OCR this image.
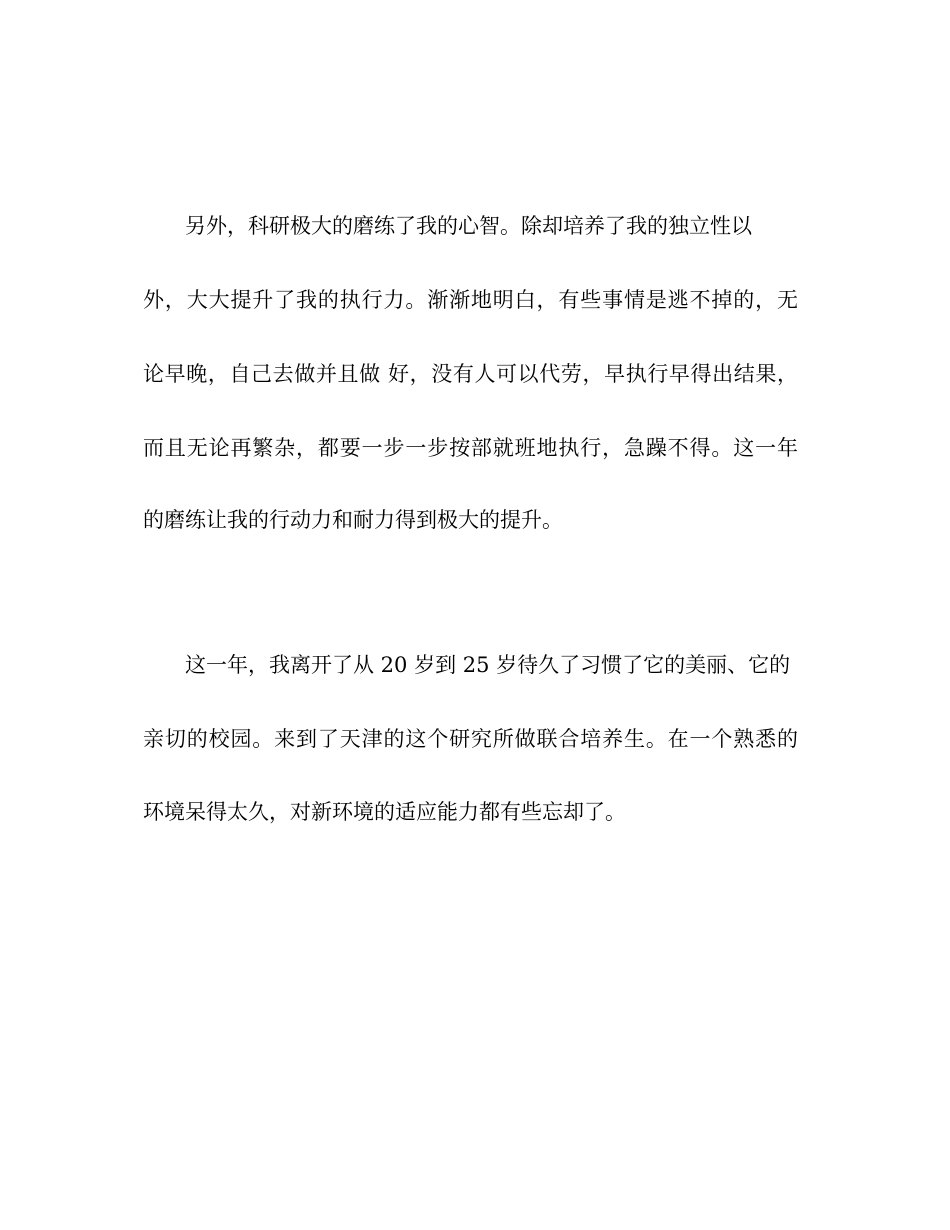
另外，科研极大的磨练了我的心智。除却培养了我的独立性以

外，大大提升了我的执行力。渐渐地明白，有些事情是逃不掉的，无

论早晚，自己去做并且做 好，没有人可以代劳，早执行早得出结果，

而且无论再繁杂，都要一步一步按部就班地执行，急躁不得。这一年

的磨练让我的行动力和耐力得到极大的提升。

这一年，我离开了从 20 岁到 25 岁待久了习惯了它的美丽、它的

亲切的校园。来到了天津的这个研究所做联合培养生。在一个熟悉的

环境呆得太久，对新环境的适应能力都有些忘却了。
